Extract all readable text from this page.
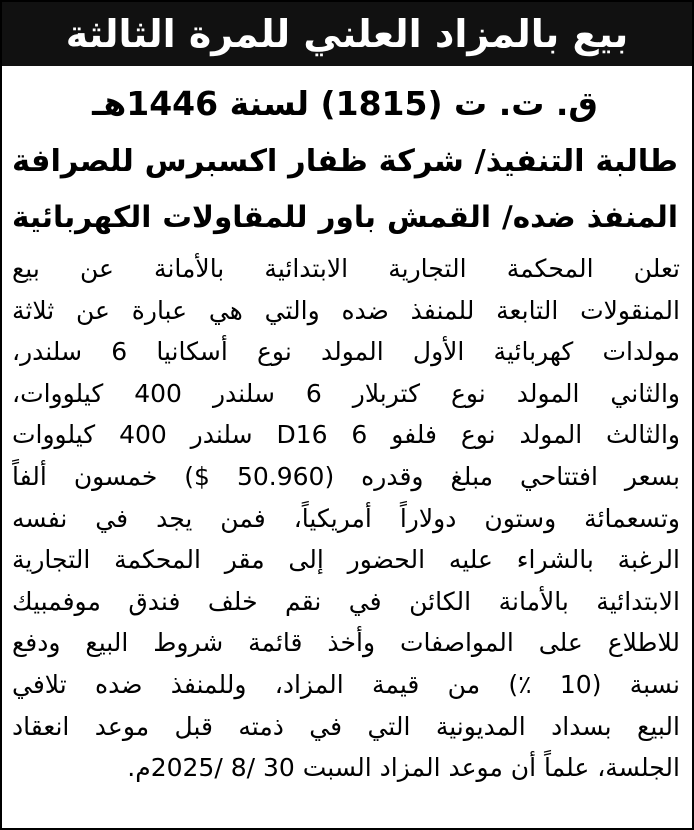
بيع بالمزاد العلني للمرة الثالثة
ق. ت. ت (1815) لسنة 1446هـ
طالبة التنفيذ/ شركة ظفار اكسبرس للصرافة
المنفذ ضده/ القمش باور للمقاولات الكهربائية
تعلن المحكمة التجارية الابتدائية بالأمانة عن بيع
المنقولات التابعة للمنفذ ضده والتي هي عبارة عن ثلاثة
مولدات كهربائية الأول المولد نوع أسكانيا 6 سلندر،
والثاني المولد نوع كتربلار 6 سلندر 400 كيلووات،
والثالث المولد نوع فلفو 6 D16 سلندر 400 كيلووات
بسعر افتتاحي مبلغ وقدره (50.960 $) خمسون ألفاً
وتسعمائة وستون دولاراً أمريكياً، فمن يجد في نفسه
الرغبة بالشراء عليه الحضور إلى مقر المحكمة التجارية
الابتدائية بالأمانة الكائن في نقم خلف فندق موفمبيك
للاطلاع على المواصفات وأخذ قائمة شروط البيع ودفع
نسبة (10 ٪) من قيمة المزاد، وللمنفذ ضده تلافي
البيع بسداد المديونية التي في ذمته قبل موعد انعقاد
الجلسة، علماً أن موعد المزاد السبت 30 /8 /2025م.
